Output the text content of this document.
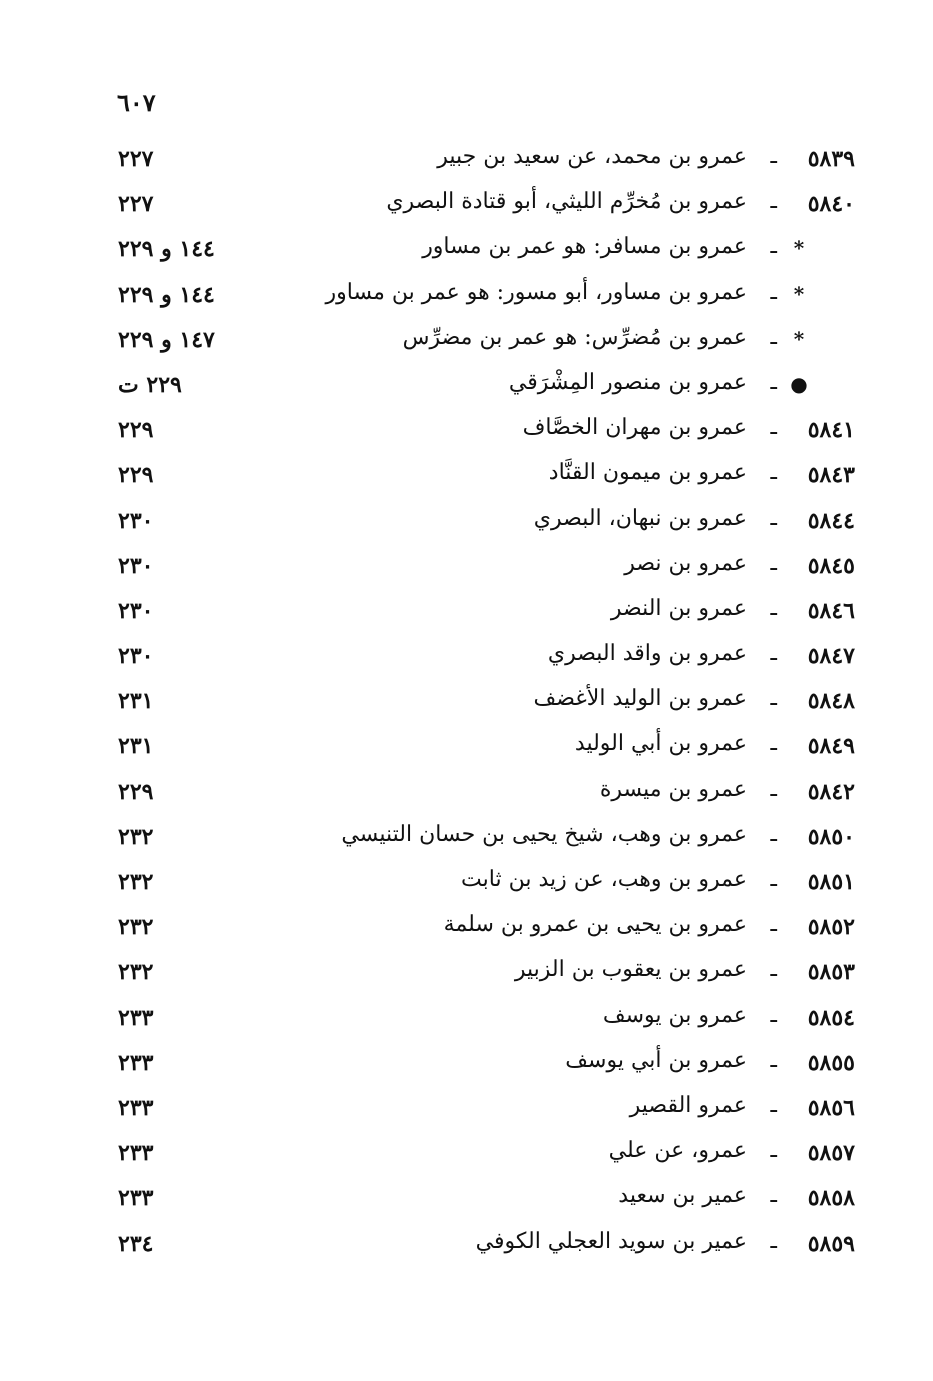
٦٠٧
٥٨٣٩
ـ
عمرو بن محمد، عن سعيد بن جبير
٢٢٧
٥٨٤٠
ـ
عمرو بن مُخرِّم الليثي، أبو قتادة البصري
٢٢٧
*
ـ
عمرو بن مسافر: هو عمر بن مساور
١٤٤ و ٢٢٩
*
ـ
عمرو بن مساور، أبو مسور: هو عمر بن مساور
١٤٤ و ٢٢٩
*
ـ
عمرو بن مُضرِّس: هو عمر بن مضرِّس
١٤٧ و ٢٢٩
●
ـ
عمرو بن منصور المِشْرَقي
٢٢٩ ت
٥٨٤١
ـ
عمرو بن مهران الخصَّاف
٢٢٩
٥٨٤٣
ـ
عمرو بن ميمون القنَّاد
٢٢٩
٥٨٤٤
ـ
عمرو بن نبهان، البصري
٢٣٠
٥٨٤٥
ـ
عمرو بن نصر
٢٣٠
٥٨٤٦
ـ
عمرو بن النضر
٢٣٠
٥٨٤٧
ـ
عمرو بن واقد البصري
٢٣٠
٥٨٤٨
ـ
عمرو بن الوليد الأغضف
٢٣١
٥٨٤٩
ـ
عمرو بن أبي الوليد
٢٣١
٥٨٤٢
ـ
عمرو بن ميسرة
٢٢٩
٥٨٥٠
ـ
عمرو بن وهب، شيخ يحيى بن حسان التنيسي
٢٣٢
٥٨٥١
ـ
عمرو بن وهب، عن زيد بن ثابت
٢٣٢
٥٨٥٢
ـ
عمرو بن يحيى بن عمرو بن سلمة
٢٣٢
٥٨٥٣
ـ
عمرو بن يعقوب بن الزبير
٢٣٢
٥٨٥٤
ـ
عمرو بن يوسف
٢٣٣
٥٨٥٥
ـ
عمرو بن أبي يوسف
٢٣٣
٥٨٥٦
ـ
عمرو القصير
٢٣٣
٥٨٥٧
ـ
عمرو، عن علي
٢٣٣
٥٨٥٨
ـ
عمير بن سعيد
٢٣٣
٥٨٥٩
ـ
عمير بن سويد العجلي الكوفي
٢٣٤
